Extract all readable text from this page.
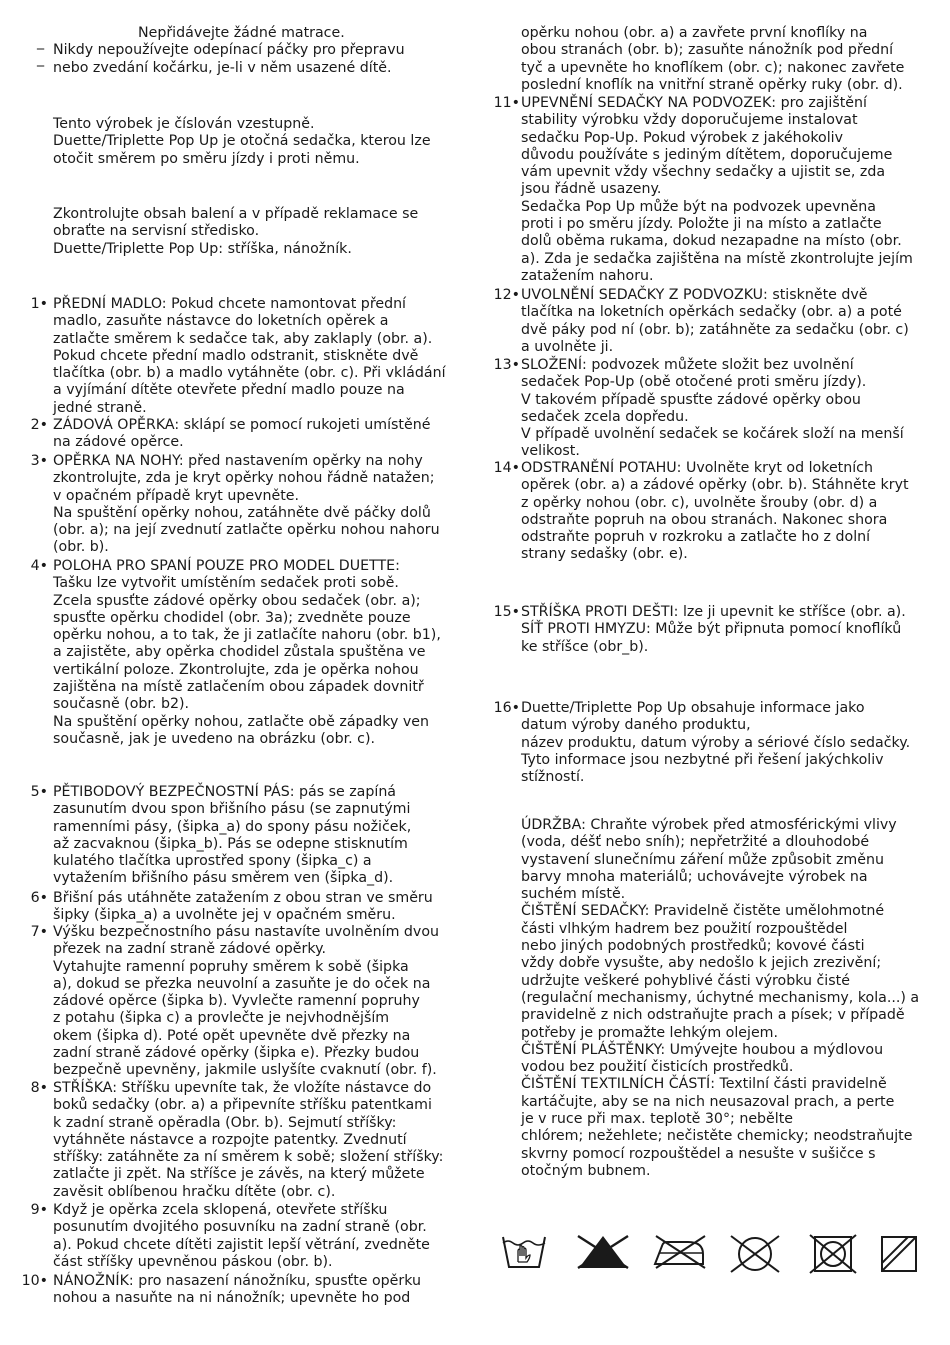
_
Nepřidávejte žádné matrace.
_
Nikdy nepoužívejte odepínací páčky pro přepravu
nebo zvedání kočárku, je-li v něm usazené dítě.
Tento výrobek je číslován vzestupně.
Duette/Triplette Pop Up je otočná sedačka, kterou lze
otočit směrem po směru jízdy i proti němu.
Zkontrolujte obsah balení a v případě reklamace se
obraťte na servisní středisko.
Duette/Triplette Pop Up: stříška, nánožník.
1• PŘEDNÍ MADLO: Pokud chcete namontovat přední
madlo, zasuňte nástavce do loketních opěrek a
zatlačte směrem k sedačce tak, aby zaklaply (obr. a).
Pokud chcete přední madlo odstranit, stiskněte dvě
tlačítka (obr. b) a madlo vytáhněte (obr. c). Při vkládání
a vyjímání dítěte otevřete přední madlo pouze na
jedné straně.
2• ZÁDOVÁ OPĚRKA: sklápí se pomocí rukojeti umístěné
na zádové opěrce.
3• OPĚRKA NA NOHY: před nastavením opěrky na nohy
zkontrolujte, zda je kryt opěrky nohou řádně natažen;
v opačném případě kryt upevněte.
Na spuštění opěrky nohou, zatáhněte dvě páčky dolů
(obr. a); na její zvednutí zatlačte opěrku nohou nahoru
(obr. b).
4• POLOHA PRO SPANÍ POUZE PRO MODEL DUETTE:
Tašku lze vytvořit umístěním sedaček proti sobě.
Zcela spusťte zádové opěrky obou sedaček (obr. a);
spusťte opěrku chodidel (obr. 3a); zvedněte pouze
opěrku nohou, a to tak, že ji zatlačíte nahoru (obr. b1),
a zajistěte, aby opěrka chodidel zůstala spuštěna ve
vertikální poloze. Zkontrolujte, zda je opěrka nohou
zajištěna na místě zatlačením obou západek dovnitř
současně (obr. b2).
Na spuštění opěrky nohou, zatlačte obě západky ven
současně, jak je uvedeno na obrázku (obr. c).
5• PĚTIBODOVÝ BEZPEČNOSTNÍ PÁS: pás se zapíná
zasunutím dvou spon břišního pásu (se zapnutými
ramenními pásy, (šipka_a) do spony pásu nožiček,
až zacvaknou (šipka_b). Pás se odepne stisknutím
kulatého tlačítka uprostřed spony (šipka_c) a
vytažením břišního pásu směrem ven (šipka_d).
6• Břišní pás utáhněte zatažením z obou stran ve směru
šipky (šipka_a) a uvolněte jej v opačném směru.
7• Výšku bezpečnostního pásu nastavíte uvolněním dvou
přezek na zadní straně zádové opěrky.
Vytahujte ramenní popruhy směrem k sobě (šipka
a), dokud se přezka neuvolní a zasuňte je do oček na
zádové opěrce (šipka b). Vyvlečte ramenní popruhy
z potahu (šipka c) a provlečte je nejvhodnějším
okem (šipka d). Poté opět upevněte dvě přezky na
zadní straně zádové opěrky (šipka e). Přezky budou
bezpečně upevněny, jakmile uslyšíte cvaknutí (obr. f).
8• STŘÍŠKA: Stříšku upevníte tak, že vložíte nástavce do
boků sedačky (obr. a) a připevníte stříšku patentkami
k zadní straně opěradla (Obr. b). Sejmutí stříšky:
vytáhněte nástavce a rozpojte patentky. Zvednutí
stříšky: zatáhněte za ní směrem k sobě; složení stříšky:
zatlačte ji zpět. Na stříšce je závěs, na který můžete
zavěsit oblíbenou hračku dítěte (obr. c).
9• Když je opěrka zcela sklopená, otevřete stříšku
posunutím dvojitého posuvníku na zadní straně (obr.
a). Pokud chcete dítěti zajistit lepší větrání, zvedněte
část stříšky upevněnou páskou (obr. b).
10• NÁNOŽNÍK: pro nasazení nánožníku, spusťte opěrku
nohou a nasuňte na ni nánožník; upevněte ho pod
opěrku nohou (obr. a) a zavřete první knoflíky na
obou stranách (obr. b); zasuňte nánožník pod přední
tyč a upevněte ho knoflíkem (obr. c); nakonec zavřete
poslední knoflík na vnitřní straně opěrky ruky (obr. d).
11• UPEVNĚNÍ SEDAČKY NA PODVOZEK: pro zajištění
stability výrobku vždy doporučujeme instalovat
sedačku Pop-Up. Pokud výrobek z jakéhokoliv
důvodu používáte s jediným dítětem, doporučujeme
vám upevnit vždy všechny sedačky a ujistit se, zda
jsou řádně usazeny.
Sedačka Pop Up může být na podvozek upevněna
proti i po směru jízdy. Položte ji na místo a zatlačte
dolů oběma rukama, dokud nezapadne na místo (obr.
a). Zda je sedačka zajištěna na místě zkontrolujte jejím
zatažením nahoru.
12• UVOLNĚNÍ SEDAČKY Z PODVOZKU: stiskněte dvě
tlačítka na loketních opěrkách sedačky (obr. a) a poté
dvě páky pod ní (obr. b); zatáhněte za sedačku (obr. c)
a uvolněte ji.
13• SLOŽENÍ: podvozek můžete složit bez uvolnění
sedaček Pop-Up (obě otočené proti směru jízdy).
V takovém případě spusťte zádové opěrky obou
sedaček zcela dopředu.
V případě uvolnění sedaček se kočárek složí na menší
velikost.
14• ODSTRANĚNÍ POTAHU: Uvolněte kryt od loketních
opěrek (obr. a) a zádové opěrky (obr. b). Stáhněte kryt
z opěrky nohou (obr. c), uvolněte šrouby (obr. d) a
odstraňte popruh na obou stranách. Nakonec shora
odstraňte popruh v rozkroku a zatlačte ho z dolní
strany sedašky (obr. e).
15• STŘÍŠKA PROTI DEŠTI: lze ji upevnit ke stříšce (obr. a).
SÍŤ PROTI HMYZU: Může být připnuta pomocí knoflíků
ke stříšce (obr_b).
16• Duette/Triplette Pop Up obsahuje informace jako
datum výroby daného produktu,
název produktu, datum výroby a sériové číslo sedačky.
Tyto informace jsou nezbytné při řešení jakýchkoliv
stížností.
ÚDRŽBA: Chraňte výrobek před atmosférickými vlivy
(voda, déšť nebo sníh); nepřetržité a dlouhodobé
vystavení slunečnímu záření může způsobit změnu
barvy mnoha materiálů; uchovávejte výrobek na
suchém místě.
ČIŠTĚNÍ SEDAČKY: Pravidelně čistěte umělohmotné
části vlhkým hadrem bez použití rozpouštědel
nebo jiných podobných prostředků; kovové části
vždy dobře vysušte, aby nedošlo k jejich zrezivění;
udržujte veškeré pohyblivé části výrobku čisté
(regulační mechanismy, úchytné mechanismy, kola...) a
pravidelně z nich odstraňujte prach a písek; v případě
potřeby je promažte lehkým olejem.
ČIŠTĚNÍ PLÁŠTĚNKY: Umývejte houbou a mýdlovou
vodou bez použití čisticích prostředků.
ČIŠTĚNÍ TEXTILNÍCH ČÁSTÍ: Textilní části pravidelně
kartáčujte, aby se na nich neusazoval prach, a perte
je v ruce při max. teplotě 30°; nebělte
chlórem; nežehlete; nečistěte chemicky; neodstraňujte
skvrny pomocí rozpouštědel a nesušte v sušičce s
otočným bubnem.
